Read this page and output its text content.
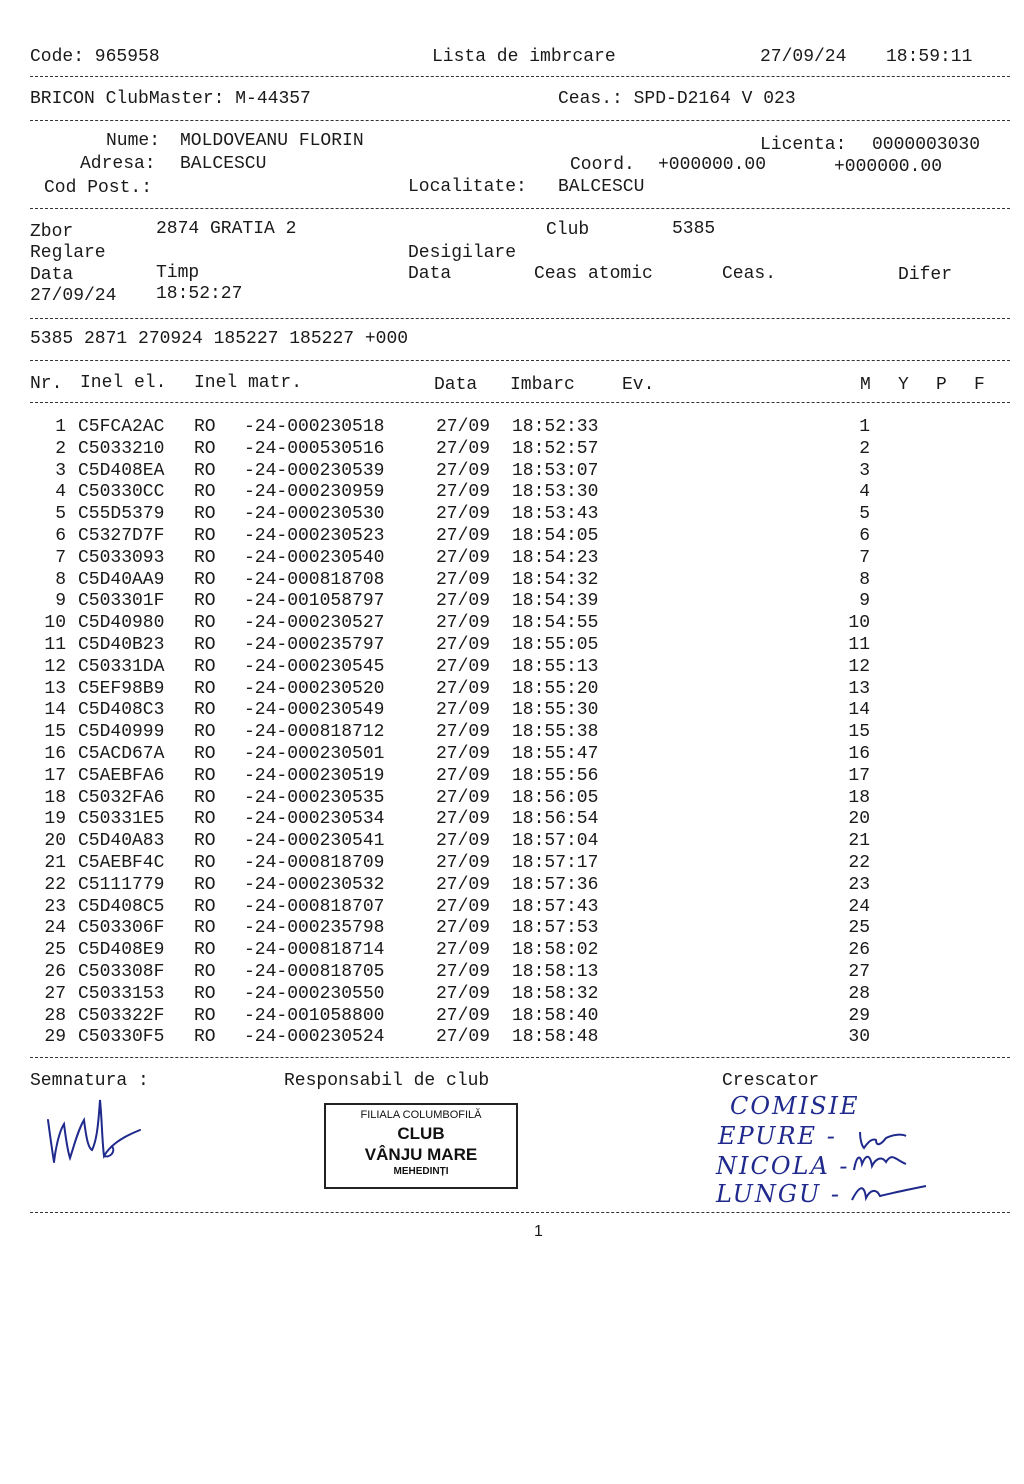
Code: 965958	Lista de imbrcare	27/09/24 18:59:11
BRICON ClubMaster: M-44357	Ceas.: SPD-D2164 V 023
Nume: MOLDOVEANU FLORIN	Licenta: 0000003030
Adresa: BALCESCU	Coord. +000000.00	+000000.00
Cod Post.:	Localitate: BALCESCU
Zbor	2874 GRATIA 2	Club	5385
Reglare	Desigilare
Data	Timp	Data	Ceas atomic	Ceas.	Difer
27/09/24 18:52:27
5385 2871 270924 185227 185227 +000
Nr. Inel el. Inel matr.	Data Imbarc	Ev.	M Y P F
1 C5FCA2AC RO -24-000230518	27/09 18:52:33	1
2 C5033210 RO -24-000530516	27/09 18:52:57	2
3 C5D408EA RO -24-000230539	27/09 18:53:07	3
4 C50330CC RO -24-000230959	27/09 18:53:30	4
5 C55D5379 RO -24-000230530	27/09 18:53:43	5
6 C5327D7F RO -24-000230523	27/09 18:54:05	6
7 C5033093 RO -24-000230540	27/09 18:54:23	7
8 C5D40AA9 RO -24-000818708	27/09 18:54:32	8
9 C503301F RO -24-001058797	27/09 18:54:39	9
10 C5D40980 RO -24-000230527	27/09 18:54:55	10
11 C5D40B23 RO -24-000235797	27/09 18:55:05	11
12 C50331DA RO -24-000230545	27/09 18:55:13	12
13 C5EF98B9 RO -24-000230520	27/09 18:55:20	13
14 C5D408C3 RO -24-000230549	27/09 18:55:30	14
15 C5D40999 RO -24-000818712	27/09 18:55:38	15
16 C5ACD67A RO -24-000230501	27/09 18:55:47	16
17 C5AEBFA6 RO -24-000230519	27/09 18:55:56	17
18 C5032FA6 RO -24-000230535	27/09 18:56:05	18
19 C50331E5 RO -24-000230534	27/09 18:56:54	20
20 C5D40A83 RO -24-000230541	27/09 18:57:04	21
21 C5AEBF4C RO -24-000818709	27/09 18:57:17	22
22 C5111779 RO -24-000230532	27/09 18:57:36	23
23 C5D408C5 RO -24-000818707	27/09 18:57:43	24
24 C503306F RO -24-000235798	27/09 18:57:53	25
25 C5D408E9 RO -24-000818714	27/09 18:58:02	26
26 C503308F RO -24-000818705	27/09 18:58:13	27
27 C5033153 RO -24-000230550	27/09 18:58:32	28
28 C503322F RO -24-001058800	27/09 18:58:40	29
29 C50330F5 RO -24-000230524	27/09 18:58:48	30
Semnatura :	Responsabil de club	Crescator
FILIALA COLUMBOFILĂ
CLUB
VÂNJU MARE
MEHEDINȚI
COMISIE
EPURE -
NICOLA -
LUNGU -
1
